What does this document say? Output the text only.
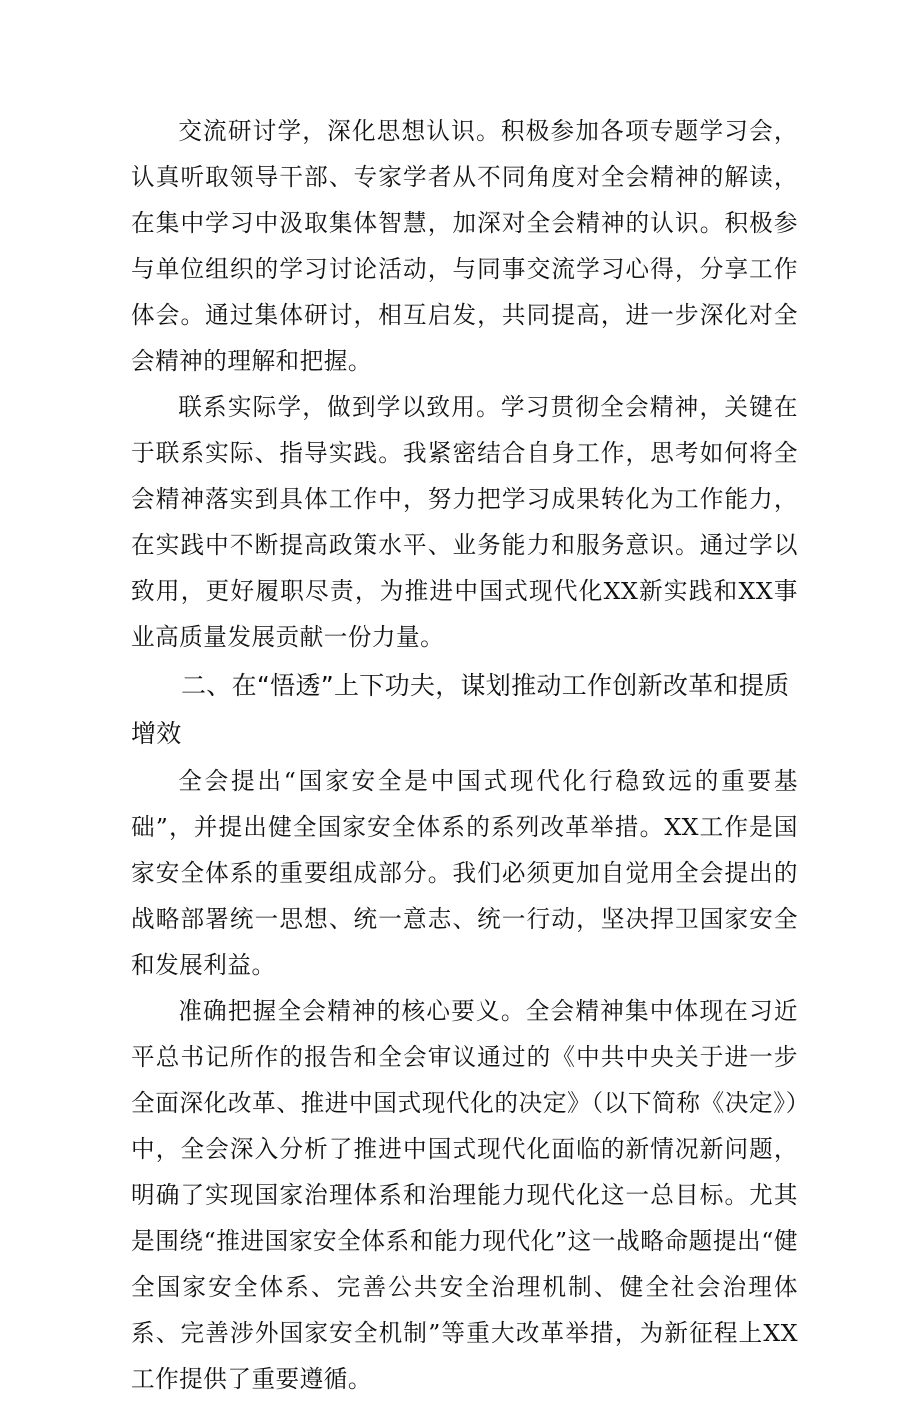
交流研讨学，深化思想认识。积极参加各项专题学习会，认真听取领导干部、专家学者从不同角度对全会精神的解读，在集中学习中汲取集体智慧，加深对全会精神的认识。积极参与单位组织的学习讨论活动，与同事交流学习心得，分享工作体会。通过集体研讨，相互启发，共同提高，进一步深化对全会精神的理解和把握。

联系实际学，做到学以致用。学习贯彻全会精神，关键在于联系实际、指导实践。我紧密结合自身工作，思考如何将全会精神落实到具体工作中，努力把学习成果转化为工作能力，在实践中不断提高政策水平、业务能力和服务意识。通过学以致用，更好履职尽责，为推进中国式现代化XX新实践和XX事业高质量发展贡献一份力量。

二、在“悟透”上下功夫，谋划推动工作创新改革和提质增效

全会提出“国家安全是中国式现代化行稳致远的重要基础”，并提出健全国家安全体系的系列改革举措。XX工作是国家安全体系的重要组成部分。我们必须更加自觉用全会提出的战略部署统一思想、统一意志、统一行动，坚决捍卫国家安全和发展利益。

准确把握全会精神的核心要义。全会精神集中体现在习近平总书记所作的报告和全会审议通过的《中共中央关于进一步全面深化改革、推进中国式现代化的决定》（以下简称《决定》）中，全会深入分析了推进中国式现代化面临的新情况新问题，明确了实现国家治理体系和治理能力现代化这一总目标。尤其是围绕“推进国家安全体系和能力现代化”这一战略命题提出“健全国家安全体系、完善公共安全治理机制、健全社会治理体系、完善涉外国家安全机制”等重大改革举措，为新征程上XX工作提供了重要遵循。
